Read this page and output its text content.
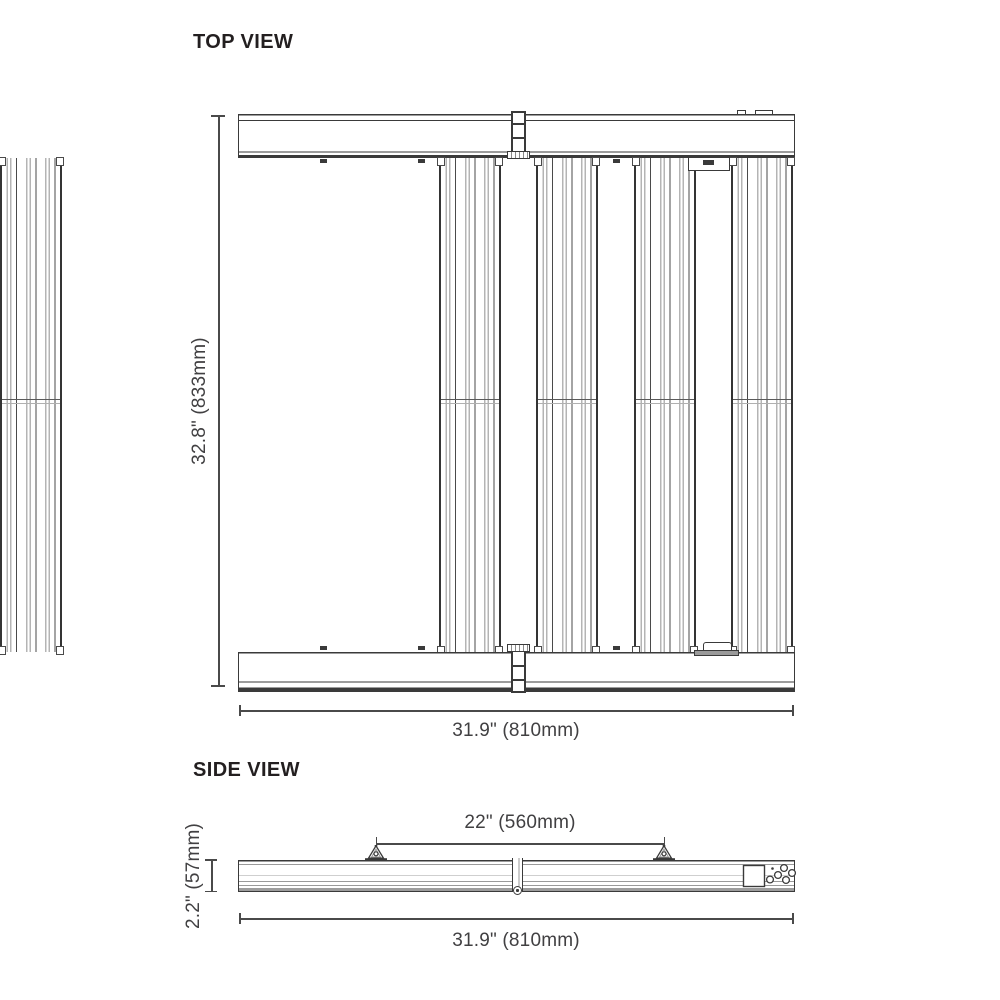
TOP VIEW
32.8" (833mm)
31.9" (810mm)
SIDE VIEW
22" (560mm)
2.2" (57mm)
31.9" (810mm)
